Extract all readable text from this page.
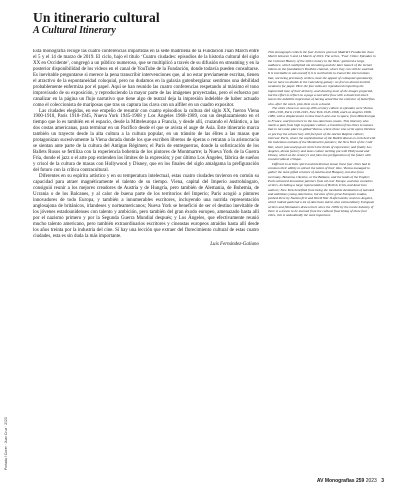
Un itinerario cultural
A Cultural Itinerary

Esta monografía recoge las cuatro conferencias impartidas en la sede madrileña de la Fundación Juan March entre el 5 y el 14 de marzo de 2019. El ciclo, bajo el título ‘Cuatro ciudades: episodios de la historia cultural del siglo XX en Occidente’, congregó a un público numeroso, que se multiplicó a través de su difusión en streaming y en la posterior disponibilidad de los vídeos en el canal de YouTube de la Fundación, donde todavía pueden consultarse. Es inevitable preguntarse si merece la pena transcribir intervenciones que, al no estar previamente escritas, tienen el atractivo de la espontaneidad coloquial, pero no dudamos en la galaxia gutenbergiana: sentimos una debilidad probablemente enfermiza por el papel. Aquí se han reunido las cuatro conferencias respetando al máximo el tono improvisado de su exposición, y reproduciendo la mayor parte de las imágenes proyectadas, pero el esfuerzo por canalizar en la página un flujo narrativo que tiene algo de teatral deja la impresión indeleble de haber actuado como el coleccionista de mariposas que tras su captura las clava con un alfiler en un cuadro expositor.

Las ciudades elegidas, en ese empeño de resumir con cuatro episodios la cultura del siglo XX, fueron Viena 1900-1918, París 1918-1945, Nueva York 1945-1968 y Los Ángeles 1968-1989, con un desplazamiento en el tiempo que lo es también en el espacio, desde la Mitteleuropa a Francia, y desde allí, cruzando el Atlántico, a las dos costas americanas, para terminar en un Pacífico desde el que se avista el auge de Asia. Este itinerario marca también un trayecto desde la alta cultura a la cultura popular, en un tránsito de las élites a las masas que protagonizan sucesivamente la Viena dorada donde los que escriben libretos de óperas o retratan a la aristocracia se sientan ante parte de la cultura del Antiguo Régimen; el París de entreguerras, donde la sofisticación de los Ballets Rusos se fertiliza con la experiencia bohemia de los pintores de Montmartre; la Nueva York de la Guerra Fría, donde el jazz o el arte pop extienden los límites de la expresión; y por último Los Ángeles, fábrica de sueños y crisol de la cultura de masas con Hollywood y Disney, que en los finales del siglo amalgama la prefiguración del futuro con la crítica contracultural.

Diferentes en su espíritu artístico y en su temperatura intelectual, estas cuatro ciudades tuvieron en común su capacidad para atraer magnéticamente el talento de su tiempo. Viena, capital del Imperio austrohúngaro, consiguió reunir a los mejores creadores de Austria y de Hungría, pero también de Alemania, de Bohemia, de Ucrania o de los Balcanes, y al calor de buena parte de los territorios del Imperio; París acogió a pintores innovadores de todo Europa, y también a innumerables escritores, incluyendo una nutrida representación anglosajona de británicos, irlandeses y norteamericanos; Nueva York se benefició de ser el destino inevitable de los jóvenes estadounidenses con talento y ambición, pero también del gran éxodo europeo, amenazado hasta allí por el nazismo primero y por la Segunda Guerra Mundial después; y Los Ángeles, que efectivamente reunió mucho talento americano, pero también extraordinarios escritores y cineastas europeos atraídos hasta allí desde los años treinta por la industria del cine. Si hay una lección que extraer del florecimiento cultural de estas cuatro ciudades, esta es sin duda la más importante.

Luis Fernández-Galiano

This monograph collects the four lectures given at Madrid’s Fundación Juan March between 5 and 14 March of 2019. The series, ‘Four Cities: Episodes in the Cultural History of the 20th Century in the West,’ gathered a large audience, which multiplied via streaming and the later launch of the lecture videos on the foundation’s YouTube channel, where they can still be watched. It is inevitable to ask oneself if it is worthwhile to transcribe interventions that, not being previously written, have the appeal of colloquial spontaneity, but we have no doubts in the Gutenberg galaxy: we feel an almost morbid weakness for paper. Here the four talks are reproduced respecting the improvised tone of their delivery, and showing most of the images projected, but the effort to reflect on a page a narrative flow with a theatrical touch leaves the indelible impression of having acted like the collector of butterflies who, after the catch, pins them on to a board.

The cities chosen to sum up 20th-century culture in episodes were Vienna 1900-1918, Paris 1918-1945, New York 1945-1968, and Los Angeles 1968-1989, with a displacement in time that is also one in space, from Mitteleuropa to France, and from there to the two American coasts. This itinerary also marks a path from high to popular culture, a transition from elites to masses that in turn take place in gilded Vienna, where those who write opera librettos or portray the aristocracy still feel part of the Ancien Régime culture; interwar Paris, where the sophistication of the Ballets Russes is enriched with the bohemian outlook of the Montmartre painters; the New York of the Cold War, where jazz and pop art stretch the limits of expression; and finally Los Angeles, dream factory and mass culture melting pot with Hollywood and Disney, which at the century’s end joins the prefiguration of the future with countercultural critique.

Different in artistic spirit and intellectual mood, these four cities had in common their ability to attract the talent of their time. Vienna managed to gather the most gifted creators of Austria and Hungary, but also from Germany, Bohemia, Ukraine, or the Balkans, and the lands of the Empire; Paris attracted innovative painters from all over Europe, and also countless writers, including a large representation of British, Irish, and American authors; New York benefited from being the inevitable destination of talented and ambitious young Americans, but also of the great European exodus, pushed there by Nazism first and World War II afterwards; and Los Angeles, which indeed gathered a lot of American talent, also extraordinary European writers and filmmakers drawn there since the 1930s by the movie industry. If there is a lesson to be learned from the cultural flourishing of these four cities, this is undoubtedly the most important.

Portada / Cover · Juan Cruz · 2023
AV Monografías 259 2023 3
